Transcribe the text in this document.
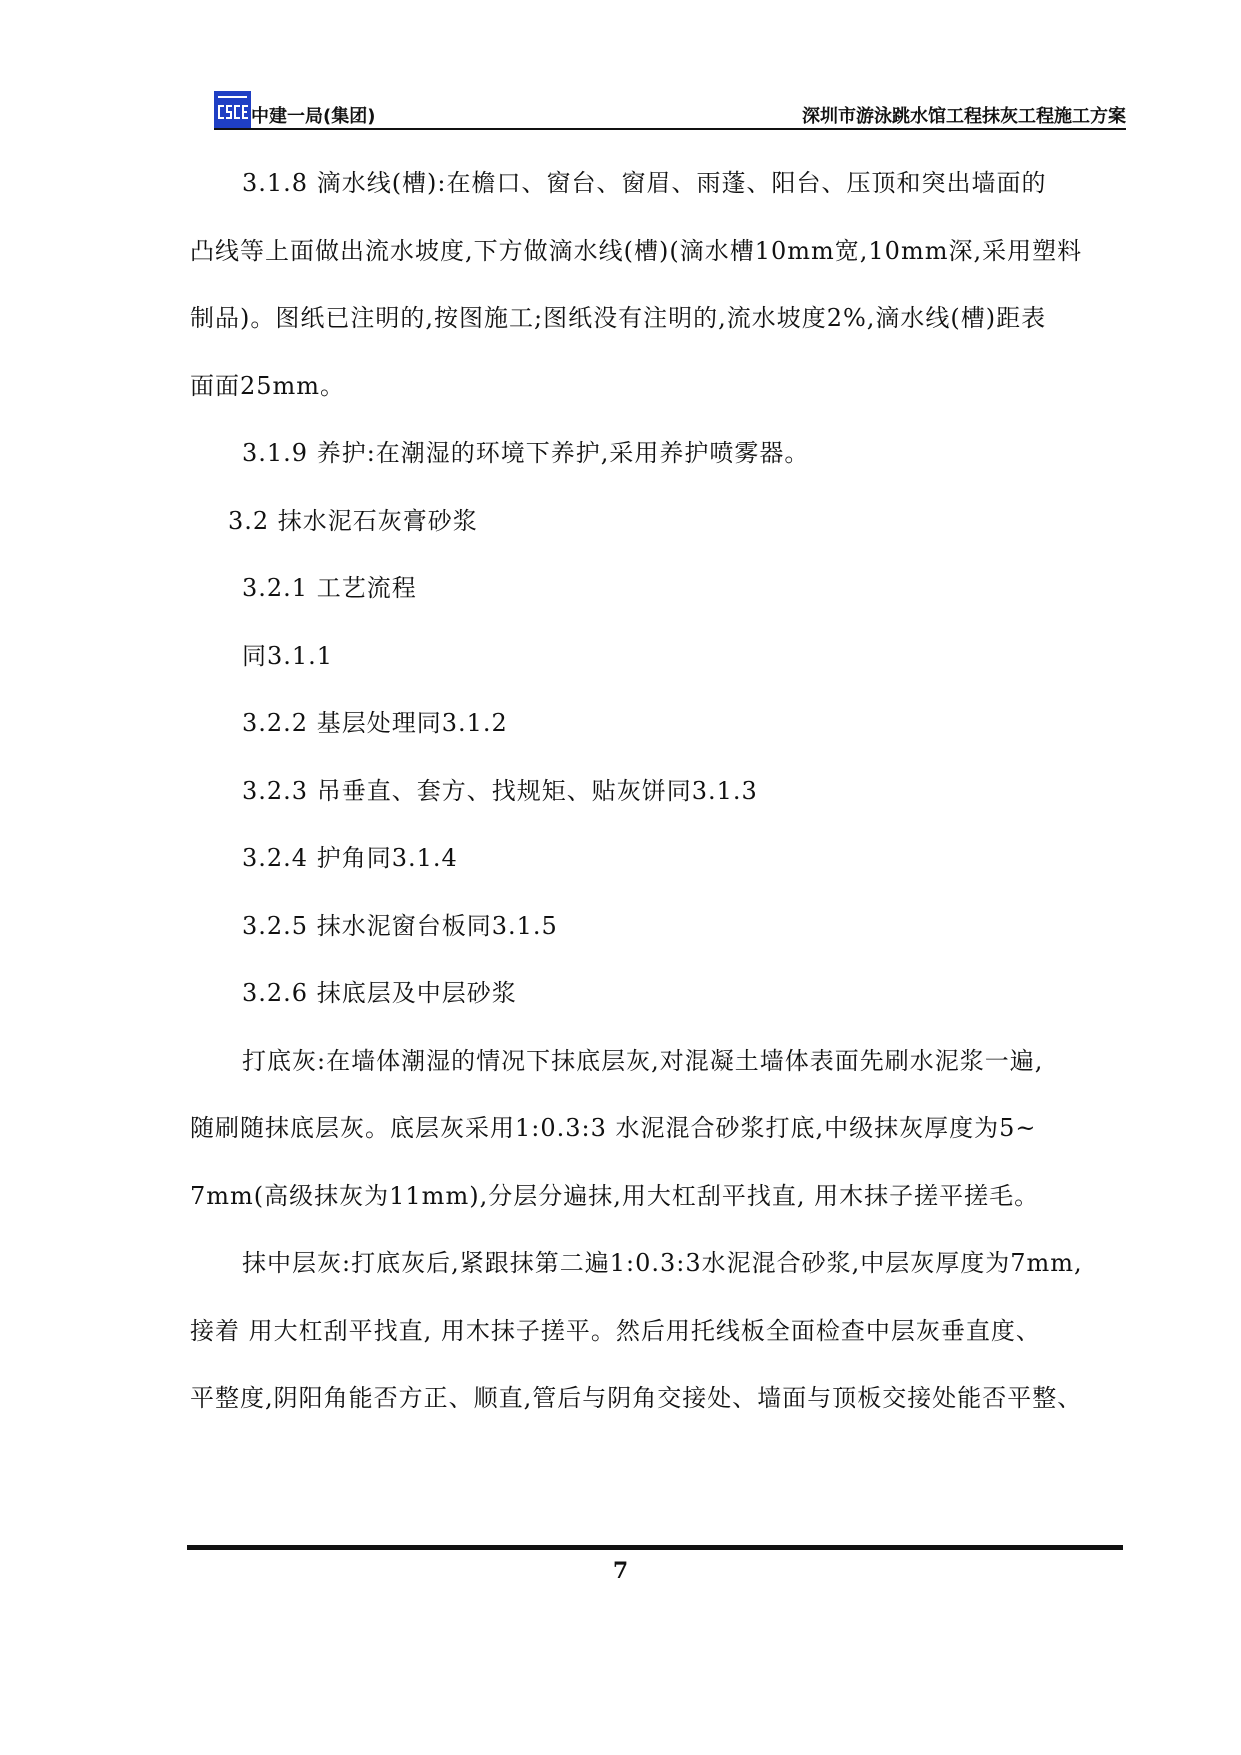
中建一局(集团)	深圳市游泳跳水馆工程抹灰工程施工方案
3.1.8 滴水线(槽):在檐口、窗台、窗眉、雨蓬、阳台、压顶和突出墙面的
凸线等上面做出流水坡度,下方做滴水线(槽)(滴水槽10mm宽,10mm深,采用塑料
制品)。图纸已注明的,按图施工;图纸没有注明的,流水坡度2%,滴水线(槽)距表
面面25mm。
3.1.9 养护:在潮湿的环境下养护,采用养护喷雾器。
3.2 抹水泥石灰膏砂浆
3.2.1 工艺流程
同3.1.1
3.2.2 基层处理同3.1.2
3.2.3 吊垂直、套方、找规矩、贴灰饼同3.1.3
3.2.4 护角同3.1.4
3.2.5 抹水泥窗台板同3.1.5
3.2.6 抹底层及中层砂浆
打底灰:在墙体潮湿的情况下抹底层灰,对混凝土墙体表面先刷水泥浆一遍,
随刷随抹底层灰。底层灰采用1:0.3:3 水泥混合砂浆打底,中级抹灰厚度为5~
7mm(高级抹灰为11mm),分层分遍抹,用大杠刮平找直, 用木抹子搓平搓毛。
抹中层灰:打底灰后,紧跟抹第二遍1:0.3:3水泥混合砂浆,中层灰厚度为7mm,
接着 用大杠刮平找直, 用木抹子搓平。然后用托线板全面检查中层灰垂直度、
平整度,阴阳角能否方正、顺直,管后与阴角交接处、墙面与顶板交接处能否平整、
7
